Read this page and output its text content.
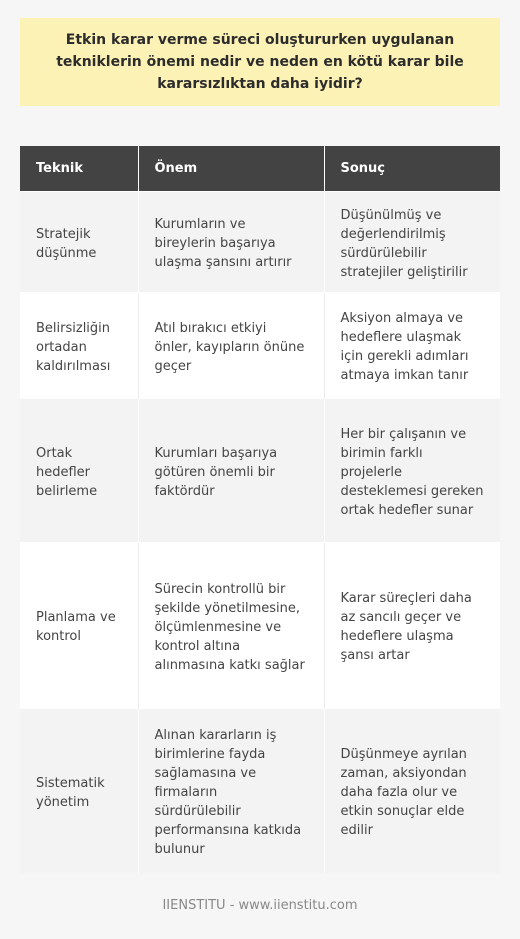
Etkin karar verme süreci oluştururken uygulanan tekniklerin önemi nedir ve neden en kötü karar bile kararsızlıktan daha iyidir?
Teknik	Önem	Sonuç
Stratejik düşünme	Kurumların ve bireylerin başarıya ulaşma şansını artırır	Düşünülmüş ve değerlendirilmiş sürdürülebilir stratejiler geliştirilir
Belirsizliğin ortadan kaldırılması	Atıl bırakıcı etkiyi önler, kayıpların önüne geçer	Aksiyon almaya ve hedeflere ulaşmak için gerekli adımları atmaya imkan tanır
Ortak hedefler belirleme	Kurumları başarıya götüren önemli bir faktördür	Her bir çalışanın ve birimin farklı projelerle desteklemesi gereken ortak hedefler sunar
Planlama ve kontrol	Sürecin kontrollü bir şekilde yönetilmesine, ölçümlenmesine ve kontrol altına alınmasına katkı sağlar	Karar süreçleri daha az sancılı geçer ve hedeflere ulaşma şansı artar
Sistematik yönetim	Alınan kararların iş birimlerine fayda sağlamasına ve firmaların sürdürülebilir performansına katkıda bulunur	Düşünmeye ayrılan zaman, aksiyondan daha fazla olur ve etkin sonuçlar elde edilir
IIENSTITU - www.iienstitu.com
